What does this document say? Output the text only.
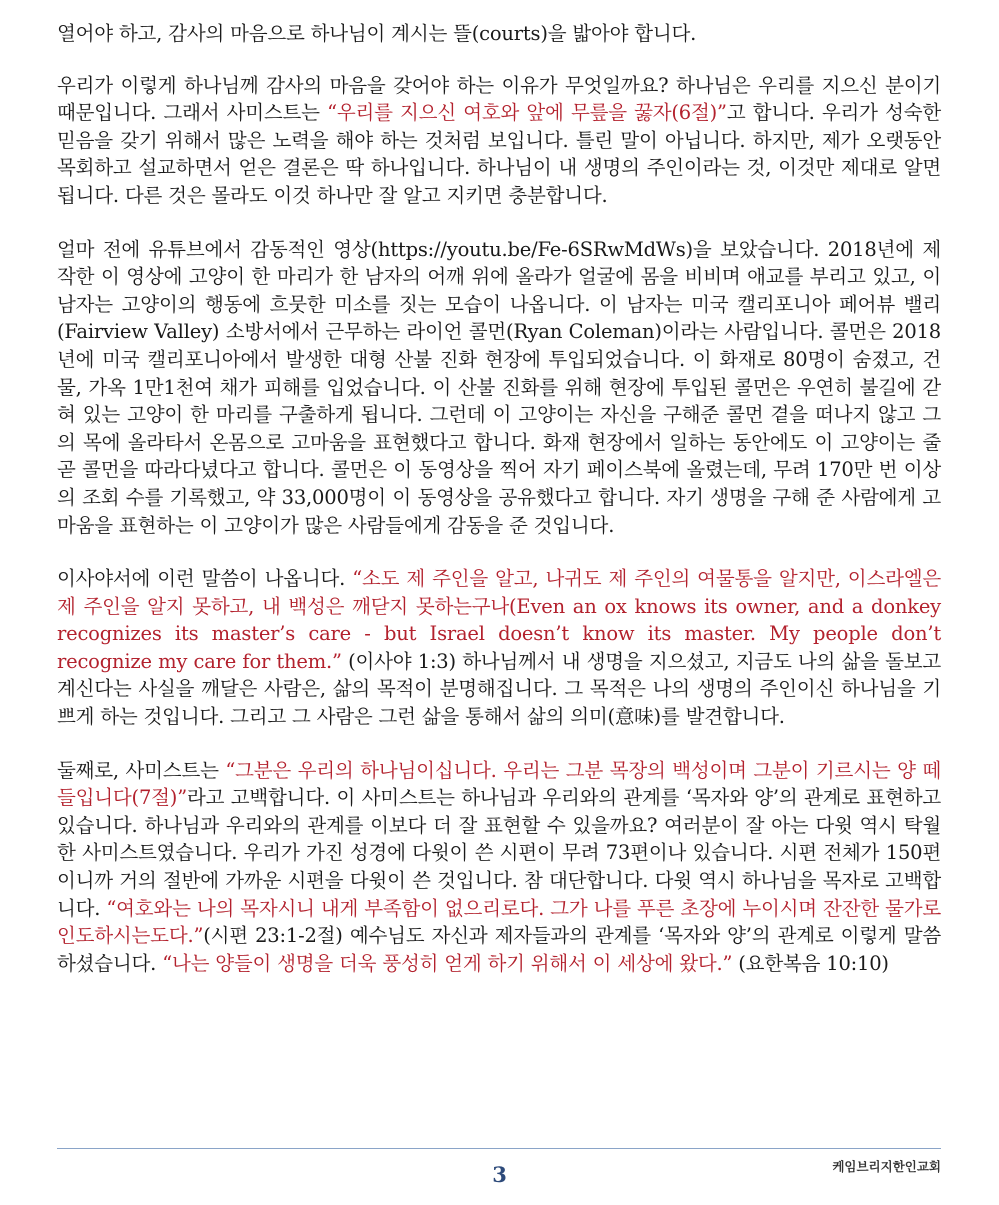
열어야 하고, 감사의 마음으로 하나님이 계시는 뜰(courts)을 밟아야 합니다.

우리가 이렇게 하나님께 감사의 마음을 갖어야 하는 이유가 무엇일까요? 하나님은 우리를 지으신 분이기 때문입니다. 그래서 사미스트는 “우리를 지으신 여호와 앞에 무릎을 꿇자(6절)”고 합니다. 우리가 성숙한 믿음을 갖기 위해서 많은 노력을 해야 하는 것처럼 보입니다. 틀린 말이 아닙니다. 하지만, 제가 오랫동안 목회하고 설교하면서 얻은 결론은 딱 하나입니다. 하나님이 내 생명의 주인이라는 것, 이것만 제대로 알면 됩니다. 다른 것은 몰라도 이것 하나만 잘 알고 지키면 충분합니다.

얼마 전에 유튜브에서 감동적인 영상(https://youtu.be/Fe-6SRwMdWs)을 보았습니다. 2018년에 제작한 이 영상에 고양이 한 마리가 한 남자의 어깨 위에 올라가 얼굴에 몸을 비비며 애교를 부리고 있고, 이 남자는 고양이의 행동에 흐뭇한 미소를 짓는 모습이 나옵니다. 이 남자는 미국 캘리포니아 페어뷰 밸리(Fairview Valley) 소방서에서 근무하는 라이언 콜먼(Ryan Coleman)이라는 사람입니다. 콜먼은 2018년에 미국 캘리포니아에서 발생한 대형 산불 진화 현장에 투입되었습니다. 이 화재로 80명이 숨졌고, 건물, 가옥 1만1천여 채가 피해를 입었습니다. 이 산불 진화를 위해 현장에 투입된 콜먼은 우연히 불길에 갇혀 있는 고양이 한 마리를 구출하게 됩니다. 그런데 이 고양이는 자신을 구해준 콜먼 곁을 떠나지 않고 그의 목에 올라타서 온몸으로 고마움을 표현했다고 합니다. 화재 현장에서 일하는 동안에도 이 고양이는 줄곧 콜먼을 따라다녔다고 합니다. 콜먼은 이 동영상을 찍어 자기 페이스북에 올렸는데, 무려 170만 번 이상의 조회 수를 기록했고, 약 33,000명이 이 동영상을 공유했다고 합니다. 자기 생명을 구해 준 사람에게 고마움을 표현하는 이 고양이가 많은 사람들에게 감동을 준 것입니다.

이사야서에 이런 말씀이 나옵니다. “소도 제 주인을 알고, 나귀도 제 주인의 여물통을 알지만, 이스라엘은 제 주인을 알지 못하고, 내 백성은 깨닫지 못하는구나(Even an ox knows its owner, and a donkey recognizes its master’s care - but Israel doesn’t know its master. My people don’t recognize my care for them.” (이사야 1:3) 하나님께서 내 생명을 지으셨고, 지금도 나의 삶을 돌보고 계신다는 사실을 깨달은 사람은, 삶의 목적이 분명해집니다. 그 목적은 나의 생명의 주인이신 하나님을 기쁘게 하는 것입니다. 그리고 그 사람은 그런 삶을 통해서 삶의 의미(意味)를 발견합니다.

둘째로, 사미스트는 “그분은 우리의 하나님이십니다. 우리는 그분 목장의 백성이며 그분이 기르시는 양 떼들입니다(7절)”라고 고백합니다. 이 사미스트는 하나님과 우리와의 관계를 ‘목자와 양’의 관계로 표현하고 있습니다. 하나님과 우리와의 관계를 이보다 더 잘 표현할 수 있을까요? 여러분이 잘 아는 다윗 역시 탁월한 사미스트였습니다. 우리가 가진 성경에 다윗이 쓴 시편이 무려 73편이나 있습니다. 시편 전체가 150편이니까 거의 절반에 가까운 시편을 다윗이 쓴 것입니다. 참 대단합니다. 다윗 역시 하나님을 목자로 고백합니다. “여호와는 나의 목자시니 내게 부족함이 없으리로다. 그가 나를 푸른 초장에 누이시며 잔잔한 물가로 인도하시는도다.”(시편 23:1-2절) 예수님도 자신과 제자들과의 관계를 ‘목자와 양’의 관계로 이렇게 말씀하셨습니다. “나는 양들이 생명을 더욱 풍성히 얻게 하기 위해서 이 세상에 왔다.” (요한복음 10:10)

3	케임브리지한인교회
